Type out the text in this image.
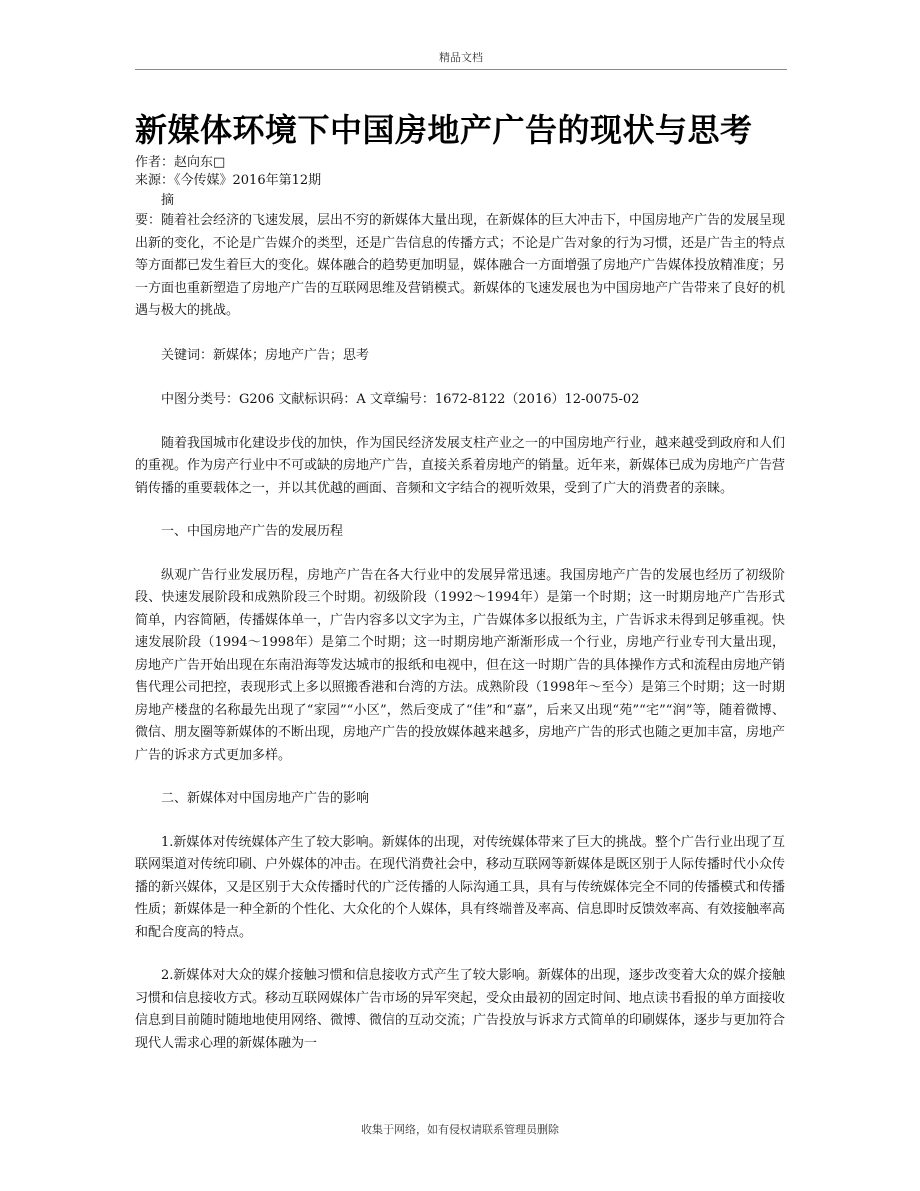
精品文档
新媒体环境下中国房地产广告的现状与思考

作者：赵向东□

来源：《今传媒》2016年第12期

摘

要：随着社会经济的飞速发展，层出不穷的新媒体大量出现，在新媒体的巨大冲击下，中国房地产广告的发展呈现出新的变化，不论是广告媒介的类型，还是广告信息的传播方式；不论是广告对象的行为习惯，还是广告主的特点等方面都已发生着巨大的变化。媒体融合的趋势更加明显，媒体融合一方面增强了房地产广告媒体投放精准度；另一方面也重新塑造了房地产广告的互联网思维及营销模式。新媒体的飞速发展也为中国房地产广告带来了良好的机遇与极大的挑战。

关键词：新媒体；房地产广告；思考

中图分类号：G206 文献标识码：A 文章编号：1672-8122（2016）12-0075-02

随着我国城市化建设步伐的加快，作为国民经济发展支柱产业之一的中国房地产行业，越来越受到政府和人们的重视。作为房产行业中不可或缺的房地产广告，直接关系着房地产的销量。近年来，新媒体已成为房地产广告营销传播的重要载体之一，并以其优越的画面、音频和文字结合的视听效果，受到了广大的消费者的亲睐。

一、中国房地产广告的发展历程

纵观广告行业发展历程，房地产广告在各大行业中的发展异常迅速。我国房地产广告的发展也经历了初级阶段、快速发展阶段和成熟阶段三个时期。初级阶段（1992～1994年）是第一个时期；这一时期房地产广告形式简单，内容简陋，传播媒体单一，广告内容多以文字为主，广告媒体多以报纸为主，广告诉求未得到足够重视。快速发展阶段（1994～1998年）是第二个时期；这一时期房地产渐渐形成一个行业，房地产行业专刊大量出现，房地产广告开始出现在东南沿海等发达城市的报纸和电视中，但在这一时期广告的具体操作方式和流程由房地产销售代理公司把控，表现形式上多以照搬香港和台湾的方法。成熟阶段（1998年～至今）是第三个时期；这一时期房地产楼盘的名称最先出现了“家园”“小区”，然后变成了“佳”和“嘉”，后来又出现“苑”“宅”“润”等，随着微博、微信、朋友圈等新媒体的不断出现，房地产广告的投放媒体越来越多，房地产广告的形式也随之更加丰富，房地产广告的诉求方式更加多样。

二、新媒体对中国房地产广告的影响

1.新媒体对传统媒体产生了较大影响。新媒体的出现，对传统媒体带来了巨大的挑战。整个广告行业出现了互联网渠道对传统印刷、户外媒体的冲击。在现代消费社会中，移动互联网等新媒体是既区别于人际传播时代小众传播的新兴媒体，又是区别于大众传播时代的广泛传播的人际沟通工具，具有与传统媒体完全不同的传播模式和传播性质；新媒体是一种全新的个性化、大众化的个人媒体，具有终端普及率高、信息即时反馈效率高、有效接触率高和配合度高的特点。

2.新媒体对大众的媒介接触习惯和信息接收方式产生了较大影响。新媒体的出现，逐步改变着大众的媒介接触习惯和信息接收方式。移动互联网媒体广告市场的异军突起，受众由最初的固定时间、地点读书看报的单方面接收信息到目前随时随地地使用网络、微博、微信的互动交流；广告投放与诉求方式简单的印刷媒体，逐步与更加符合现代人需求心理的新媒体融为一

收集于网络，如有侵权请联系管理员删除
